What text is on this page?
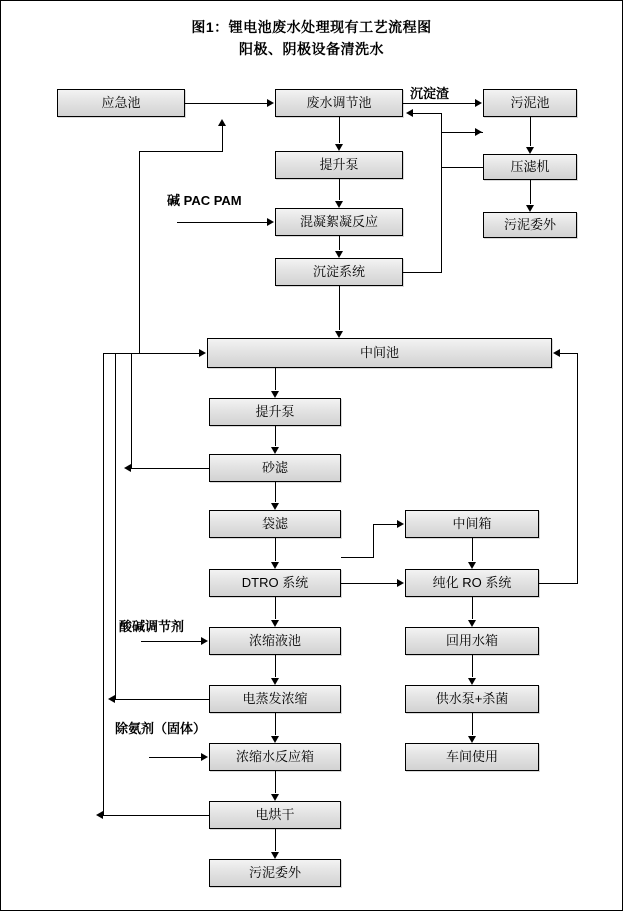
图1：锂电池废水处理现有工艺流程图
阳极、阴极设备清洗水
应急池	废水调节池	污泥池
提升泵	压滤机
混凝絮凝反应	污泥委外
沉淀系统
中间池
提升泵
砂滤
袋滤	中间箱
DTRO 系统	纯化 RO 系统
浓缩液池	回用水箱
电蒸发浓缩	供水泵+杀菌
浓缩水反应箱	车间使用
电烘干
污泥委外
沉淀渣
碱 PAC PAM
酸碱调节剂
除氨剂（固体）
